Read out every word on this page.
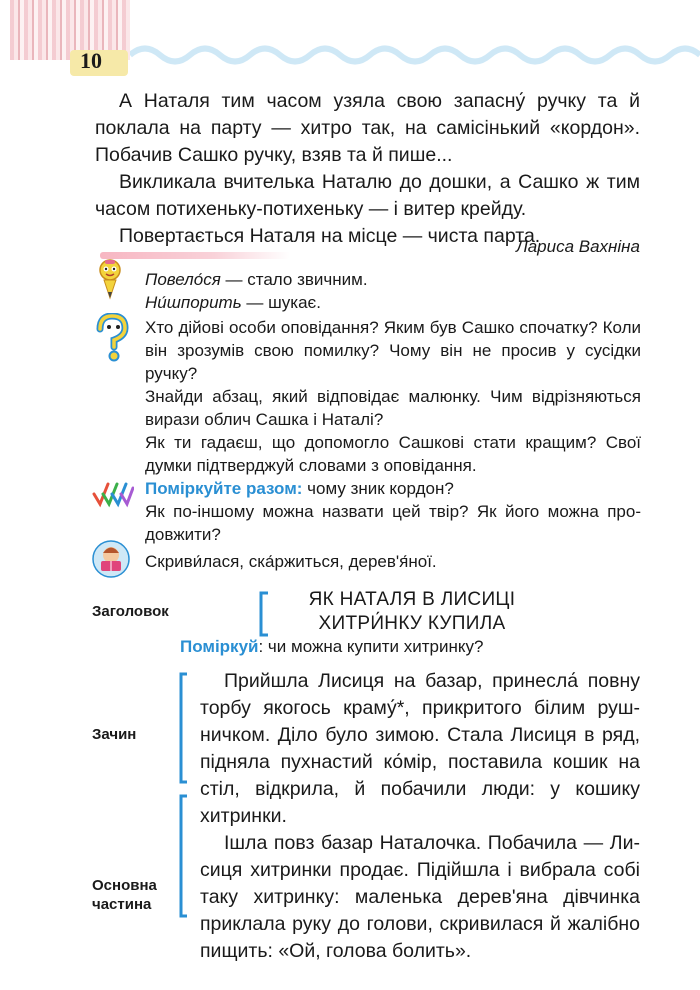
10

А Наталя тим часом узяла свою запасну́ ручку та й поклала на парту — хитро так, на самісінький «кордон». Побачив Сашко ручку, взяв та й пише...

Викликала вчителька Наталю до дошки, а Сашко ж тим часом потихеньку-потихеньку — і витер крейду.

Повертається Наталя на місце — чиста парта.

Лариса Вахніна
Повело́ся — стало звичним.
Ни́шпорить — шукає.

Хто дійові особи оповідання? Яким був Сашко спочатку? Коли він зрозумів свою помилку? Чому він не просив у сусідки ручку?

Знайди абзац, який відповідає малюнку. Чим відрізняються вирази облич Сашка і Наталі?

Як ти гадаєш, що допомогло Сашкові стати кращим? Свої думки підтверджуй словами з оповідання.

Поміркуйте разом: чому зник кордон?

Як по-іншому можна назвати цей твір? Як його можна продовжити?

Скриви́лася, ска́ржиться, дерев'я́ної.
Заголовок
ЯК НАТАЛЯ В ЛИСИЦІ
ХИТРИ́НКУ КУПИЛА
Поміркуй: чи можна купити хитринку?
Зачин
Основна
частина

Прийшла Лисиця на базар, принесла́ повну торбу якогось краму́*, прикритого білим рушничком. Діло було зимою. Стала Лисиця в ряд, підняла пухнастий ко́мір, поставила кошик на стіл, відкрила, й побачили люди: у кошику хитринки.

Ішла повз базар Наталочка. Побачила — Лисиця хитринки продає. Підійшла і вибрала собі таку хитринку: маленька дерев'яна дівчинка приклала руку до голови, скривилася й жалібно пищить: «Ой, голова болить».
